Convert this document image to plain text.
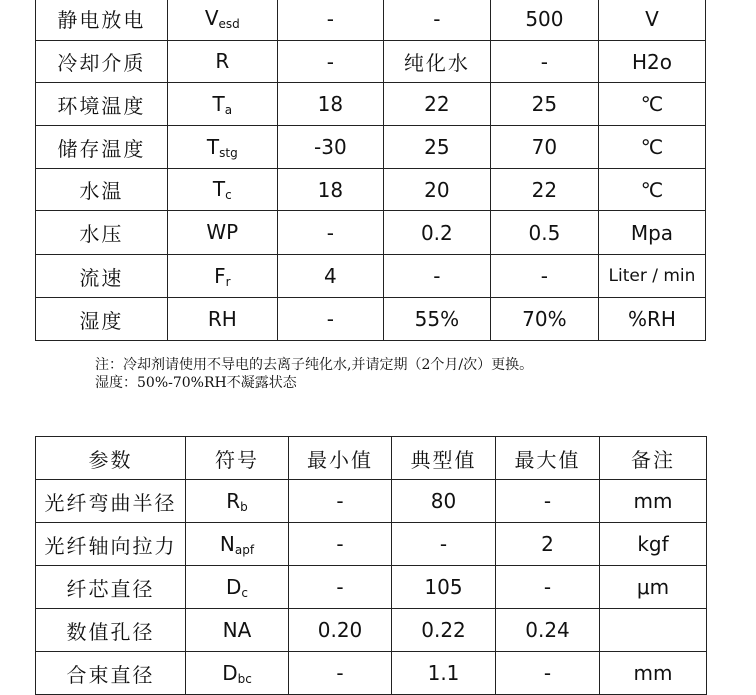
静电放电	$V_{esd}$	-	-	500	V
冷却介质	R	-	纯化水	-	H2o
环境温度	$T_a$	18	22	25	℃
储存温度	$T_{stg}$	-30	25	70	℃
水温	$T_c$	18	20	22	℃
水压	WP	-	0.2	0.5	Mpa
流速	$F_r$	4	-	-	Liter / min
湿度	RH	-	55%	70%	%RH
注：冷却剂请使用不导电的去离子纯化水,并请定期（2个月/次）更换。
湿度：50%-70%RH不凝露状态
参数	符号	最小值	典型值	最大值	备注
光纤弯曲半径	$R_b$	-	80	-	mm
光纤轴向拉力	$N_{apf}$	-	-	2	kgf
纤芯直径	$D_c$	-	105	-	μm
数值孔径	NA	0.20	0.22	0.24	
合束直径	$D_{bc}$	-	1.1	-	mm
